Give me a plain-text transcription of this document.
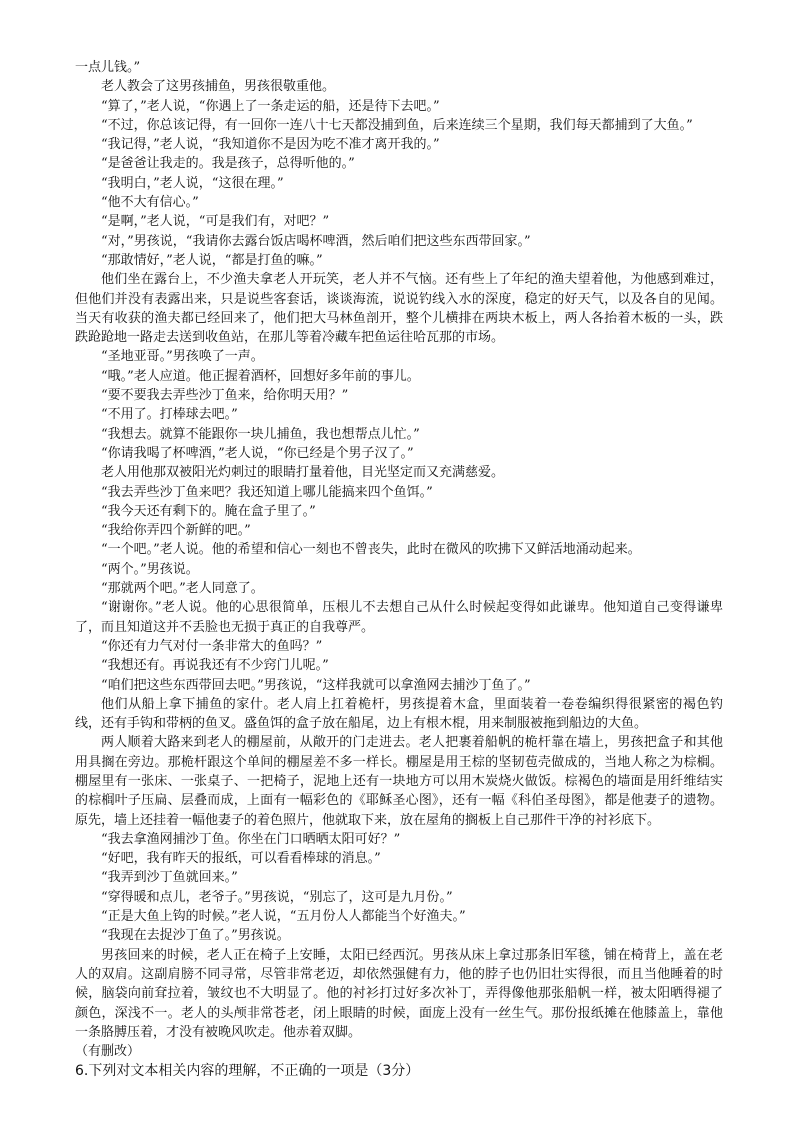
一点儿钱。”

老人教会了这男孩捕鱼，男孩很敬重他。

“算了，”老人说，“你遇上了一条走运的船，还是待下去吧。”

“不过，你总该记得，有一回你一连八十七天都没捕到鱼，后来连续三个星期，我们每天都捕到了大鱼。”

“我记得，”老人说，“我知道你不是因为吃不准才离开我的。”

“是爸爸让我走的。我是孩子，总得听他的。”

“我明白，”老人说，“这很在理。”

“他不大有信心。”

“是啊，”老人说，“可是我们有，对吧？”

“对，”男孩说，“我请你去露台饭店喝杯啤酒，然后咱们把这些东西带回家。”

“那敢情好，”老人说，“都是打鱼的嘛。”

他们坐在露台上，不少渔夫拿老人开玩笑，老人并不气恼。还有些上了年纪的渔夫望着他，为他感到难过，但他们并没有表露出来，只是说些客套话，谈谈海流，说说钓线入水的深度，稳定的好天气，以及各自的见闻。当天有收获的渔夫都已经回来了，他们把大马林鱼剖开，整个儿横排在两块木板上，两人各抬着木板的一头，跌跌跄跄地一路走去送到收鱼站，在那儿等着冷藏车把鱼运往哈瓦那的市场。

“圣地亚哥。”男孩唤了一声。

“哦。”老人应道。他正握着酒杯，回想好多年前的事儿。

“要不要我去弄些沙丁鱼来，给你明天用？”

“不用了。打棒球去吧。”

“我想去。就算不能跟你一块儿捕鱼，我也想帮点儿忙。”

“你请我喝了杯啤酒，”老人说，“你已经是个男子汉了。”

老人用他那双被阳光灼刺过的眼睛打量着他，目光坚定而又充满慈爱。

“我去弄些沙丁鱼来吧？我还知道上哪儿能搞来四个鱼饵。”

“我今天还有剩下的。腌在盒子里了。”

“我给你弄四个新鲜的吧。”

“一个吧。”老人说。他的希望和信心一刻也不曾丧失，此时在微风的吹拂下又鲜活地涌动起来。

“两个。”男孩说。

“那就两个吧。”老人同意了。

“谢谢你。”老人说。他的心思很简单，压根儿不去想自己从什么时候起变得如此谦卑。他知道自己变得谦卑了，而且知道这并不丢脸也无损于真正的自我尊严。

“你还有力气对付一条非常大的鱼吗？”

“我想还有。再说我还有不少窍门儿呢。”

“咱们把这些东西带回去吧。”男孩说，“这样我就可以拿渔网去捕沙丁鱼了。”

他们从船上拿下捕鱼的家什。老人肩上扛着桅杆，男孩提着木盒，里面装着一卷卷编织得很紧密的褐色钓线，还有手钩和带柄的鱼叉。盛鱼饵的盒子放在船尾，边上有根木棍，用来制服被拖到船边的大鱼。

两人顺着大路来到老人的棚屋前，从敞开的门走进去。老人把裹着船帆的桅杆靠在墙上，男孩把盒子和其他用具搁在旁边。那桅杆跟这个单间的棚屋差不多一样长。棚屋是用王棕的坚韧苞壳做成的，当地人称之为棕榈。棚屋里有一张床、一张桌子、一把椅子，泥地上还有一块地方可以用木炭烧火做饭。棕褐色的墙面是用纤维结实的棕榈叶子压扁、层叠而成，上面有一幅彩色的《耶稣圣心图》，还有一幅《科伯圣母图》，都是他妻子的遗物。原先，墙上还挂着一幅他妻子的着色照片，他就取下来，放在屋角的搁板上自己那件干净的衬衫底下。

“我去拿渔网捕沙丁鱼。你坐在门口晒晒太阳可好？”

“好吧，我有昨天的报纸，可以看看棒球的消息。”

“我弄到沙丁鱼就回来。”

“穿得暖和点儿，老爷子。”男孩说，“别忘了，这可是九月份。”

“正是大鱼上钩的时候。”老人说，“五月份人人都能当个好渔夫。”

“我现在去捉沙丁鱼了。”男孩说。

男孩回来的时候，老人正在椅子上安睡，太阳已经西沉。男孩从床上拿过那条旧军毯，铺在椅背上，盖在老人的双肩。这副肩膀不同寻常，尽管非常老迈，却依然强健有力，他的脖子也仍旧壮实得很，而且当他睡着的时候，脑袋向前耷拉着，皱纹也不大明显了。他的衬衫打过好多次补丁，弄得像他那张船帆一样，被太阳晒得褪了颜色，深浅不一。老人的头颅非常苍老，闭上眼睛的时候，面庞上没有一丝生气。那份报纸摊在他膝盖上，靠他一条胳膊压着，才没有被晚风吹走。他赤着双脚。

（有删改）

6.下列对文本相关内容的理解，不正确的一项是（3分）
